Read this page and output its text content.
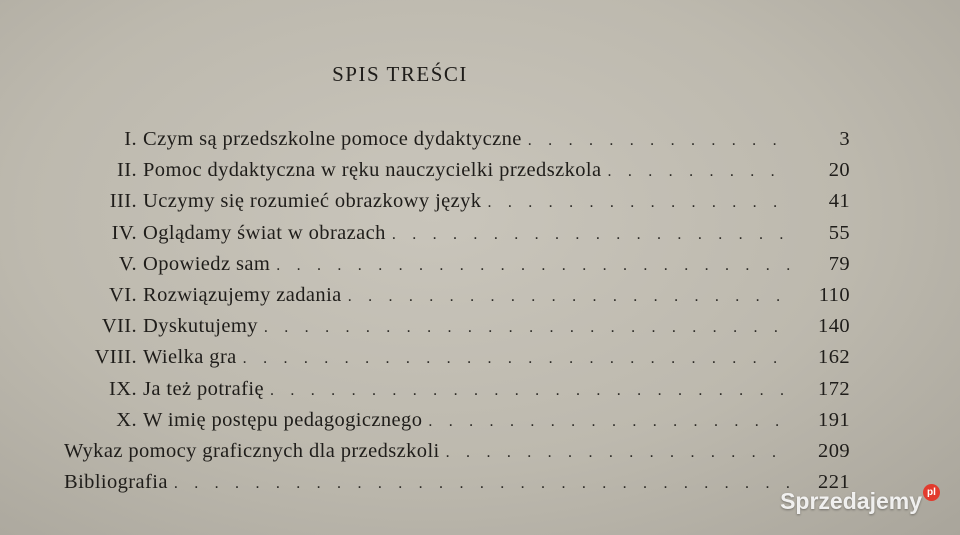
SPIS TREŚCI
I. Czym są przedszkolne pomoce dydaktyczne . . .	3
II. Pomoc dydaktyczna w ręku nauczycielki przedszkola . . .	20
III. Uczymy się rozumieć obrazkowy język . . .	41
IV. Oglądamy świat w obrazach . . .	55
V. Opowiedz sam . . .	79
VI. Rozwiązujemy zadania . . .	110
VII. Dyskutujemy . . .	140
VIII. Wielka gra . . .	162
IX. Ja też potrafię . . .	172
X. W imię postępu pedagogicznego . . .	191
Wykaz pomocy graficznych dla przedszkoli . . .	209
Bibliografia . . .	221
Sprzedajemy pl
